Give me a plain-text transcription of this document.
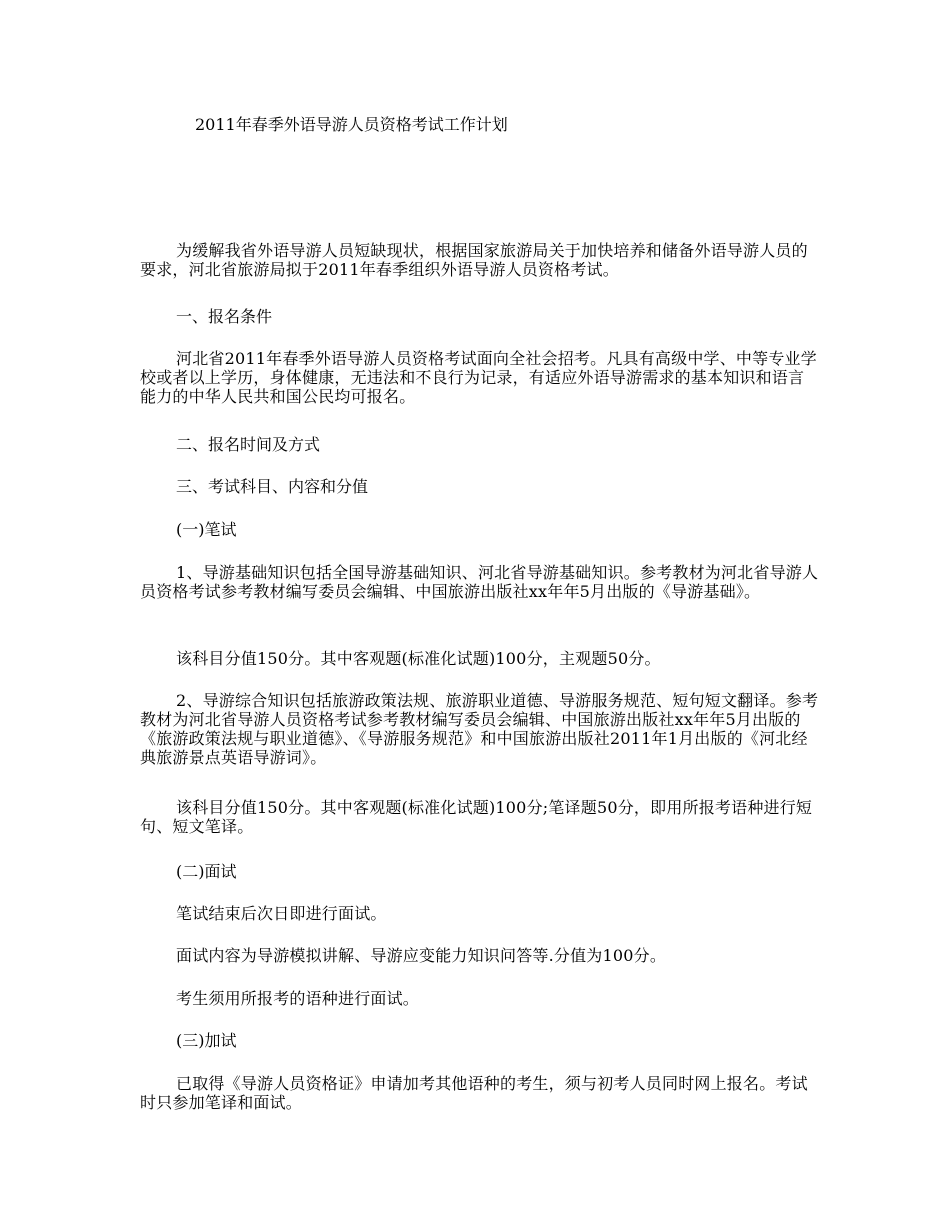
2011年春季外语导游人员资格考试工作计划

为缓解我省外语导游人员短缺现状，根据国家旅游局关于加快培养和储备外语导游人员的要求，河北省旅游局拟于2011年春季组织外语导游人员资格考试。

一、报名条件

河北省2011年春季外语导游人员资格考试面向全社会招考。凡具有高级中学、中等专业学校或者以上学历，身体健康，无违法和不良行为记录，有适应外语导游需求的基本知识和语言能力的中华人民共和国公民均可报名。

二、报名时间及方式

三、考试科目、内容和分值

(一)笔试

1、导游基础知识包括全国导游基础知识、河北省导游基础知识。参考教材为河北省导游人员资格考试参考教材编写委员会编辑、中国旅游出版社xx年年5月出版的《导游基础》。

该科目分值150分。其中客观题(标准化试题)100分，主观题50分。

2、导游综合知识包括旅游政策法规、旅游职业道德、导游服务规范、短句短文翻译。参考教材为河北省导游人员资格考试参考教材编写委员会编辑、中国旅游出版社xx年年5月出版的《旅游政策法规与职业道德》、《导游服务规范》和中国旅游出版社2011年1月出版的《河北经典旅游景点英语导游词》。

该科目分值150分。其中客观题(标准化试题)100分;笔译题50分，即用所报考语种进行短句、短文笔译。

(二)面试

笔试结束后次日即进行面试。

面试内容为导游模拟讲解、导游应变能力知识问答等.分值为100分。

考生须用所报考的语种进行面试。

(三)加试

已取得《导游人员资格证》申请加考其他语种的考生，须与初考人员同时网上报名。考试时只参加笔译和面试。
